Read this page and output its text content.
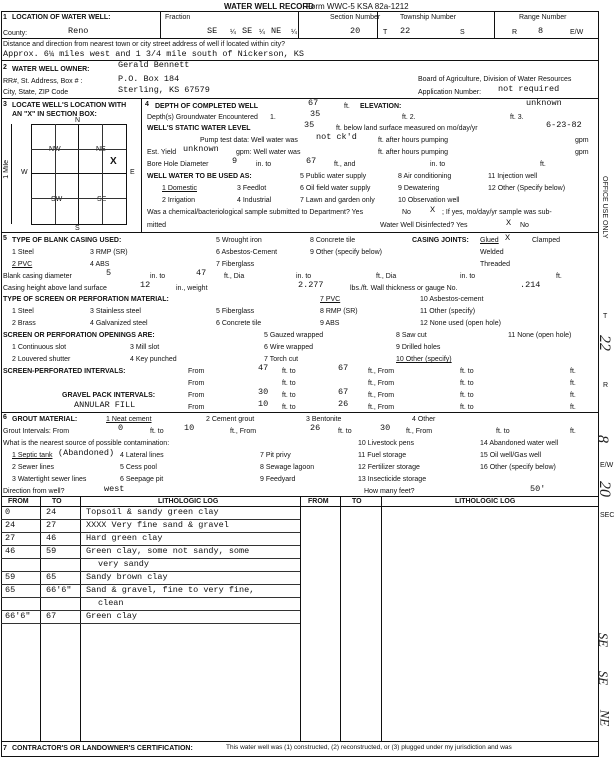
WATER WELL RECORD
Form WWC-5 KSA 82a-1212
1 LOCATION OF WATER WELL:
County:	Reno
Fraction
SE ¼ SE ¼ NE ¼
Section Number
20
Township Number
T 22	S
Range Number
R 8	E/W
Distance and direction from nearest town or city street address of well if located within city?
Approx. 6¼ miles west and 1 3/4 mile south of Nickerson, KS
2 WATER WELL OWNER:	Gerald Bennett
RR#, St. Address, Box # :	P.O. Box 184
City, State, ZIP Code	Sterling, KS 67579
Board of Agriculture, Division of Water Resources
Application Number: not required
3 LOCATE WELL'S LOCATION WITH
AN "X" IN SECTION BOX:
N
S
W	E
NW	NE
SW	SE
X
1 Mile
4 DEPTH OF COMPLETED WELL	67	ft. ELEVATION:	unknown
Depth(s) Groundwater Encountered 1.	35	ft. 2.	ft. 3.
WELL'S STATIC WATER LEVEL	35	ft. below land surface measured on mo/day/yr	6-23-82
Pump test data: Well water was not ck'd	ft. after hours pumping	gpm
Est. Yield unknown gpm: Well water was	ft. after hours pumping	gpm
Bore Hole Diameter	9	in. to	67	ft., and	in. to	ft.
WELL WATER TO BE USED AS:	5 Public water supply	8 Air conditioning	11 Injection well
1 Domestic	3 Feedlot	6 Oil field water supply	9 Dewatering	12 Other (Specify below)
2 Irrigation	4 Industrial	7 Lawn and garden only	10 Observation well
Was a chemical/bacteriological sample submitted to Department? Yes	No X ; If yes, mo/day/yr sample was sub-
mitted	Water Well Disinfected? Yes	X No
5 TYPE OF BLANK CASING USED:	5 Wrought iron	8 Concrete tile	CASING JOINTS: Glued X	Clamped
1 Steel	3 RMP (SR)	6 Asbestos-Cement	9 Other (specify below)	Welded
2 PVC	4 ABS	7 Fiberglass	Threaded
Blank casing diameter	5	in. to	47	ft., Dia	in. to	ft., Dia	in. to	ft.
Casing height above land surface	12	in., weight	2.277	lbs./ft. Wall thickness or gauge No.	.214
TYPE OF SCREEN OR PERFORATION MATERIAL:	7 PVC	10 Asbestos-cement
1 Steel	3 Stainless steel	5 Fiberglass	8 RMP (SR)	11 Other (specify)
2 Brass	4 Galvanized steel	6 Concrete tile	9 ABS	12 None used (open hole)
SCREEN OR PERFORATION OPENINGS ARE:	5 Gauzed wrapped	8 Saw cut	11 None (open hole)
1 Continuous slot	3 Mill slot	6 Wire wrapped	9 Drilled holes
2 Louvered shutter	4 Key punched	7 Torch cut	10 Other (specify)
SCREEN-PERFORATED INTERVALS:	From	47 ft. to	67	ft., From	ft. to	ft.
From	ft. to	ft., From	ft. to	ft.
GRAVEL PACK INTERVALS:
ANNULAR FILL
From	30 ft. to	67	ft., From	ft. to	ft.
From	10 ft. to	26	ft., From	ft. to	ft.
6 GROUT MATERIAL:	1 Neat cement	2 Cement grout	3 Bentonite	4 Other
Grout Intervals: From	0	ft. to 10	ft., From	26	ft. to	30 ft., From	ft. to	ft.
What is the nearest source of possible contamination:	10 Livestock pens	14 Abandoned water well
1 Septic tank (Abandoned) 4 Lateral lines	7 Pit privy	11 Fuel storage	15 Oil well/Gas well
2 Sewer lines	5 Cess pool	8 Sewage lagoon	12 Fertilizer storage	16 Other (specify below)
3 Watertight sewer lines	6 Seepage pit	9 Feedyard	13 Insecticide storage
Direction from well?	west	How many feet?	50'
FROM	TO	LITHOLOGIC LOG	FROM	TO	LITHOLOGIC LOG
0	24	Topsoil & sandy green clay
24	27	XXXX Very fine sand & gravel
27	46	Hard green clay
46	59	Green clay, some not sandy, some
very sandy
59	65	Sandy brown clay
65	66'6" Sand & gravel, fine to very fine,
clean
66'6" 67	Green clay
7 CONTRACTOR'S OR LANDOWNER'S CERTIFICATION:	This water well was (1) constructed, (2) reconstructed, or (3) plugged under my jurisdiction and was
OFFICE USE ONLY
T
R
E/W
SEC
22
8
20
SE
SE
NE
